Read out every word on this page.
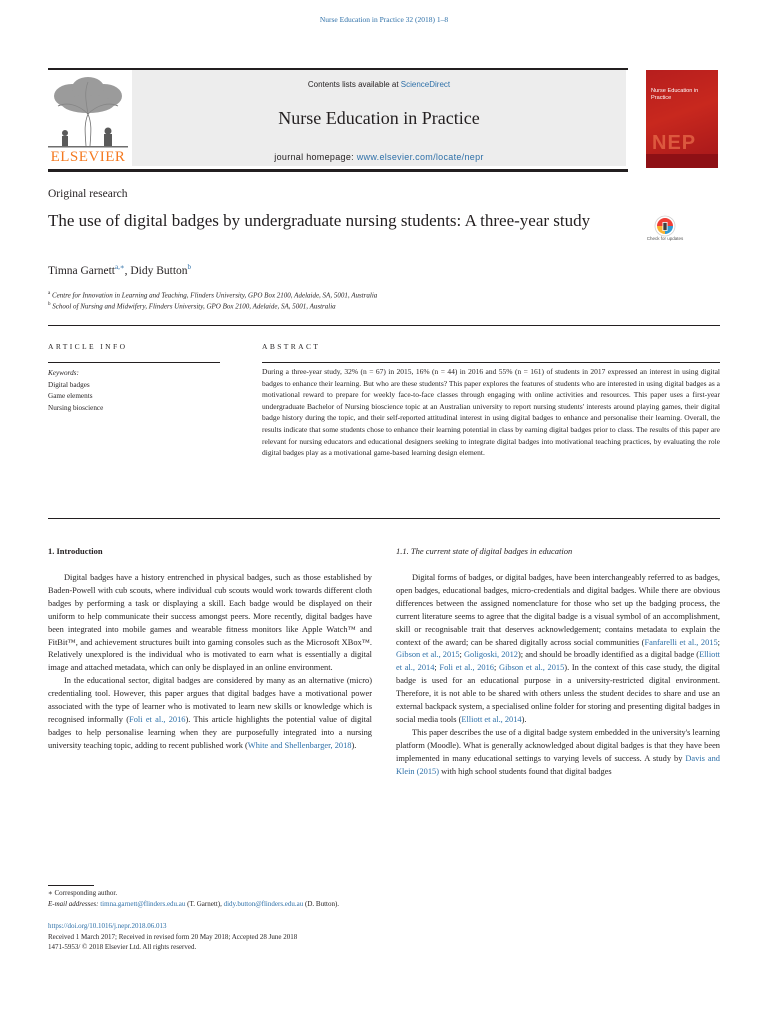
Nurse Education in Practice 32 (2018) 1–8
ELSEVIER
Contents lists available at ScienceDirect
Nurse Education in Practice
journal homepage: www.elsevier.com/locate/nepr
Nurse Education in Practice
NEP
Original research
The use of digital badges by undergraduate nursing students: A three-year study
Check for updates
Timna Garnett$^{a,∗}$, Didy Button$^b$
$^a$ Centre for Innovation in Learning and Teaching, Flinders University, GPO Box 2100, Adelaide, SA, 5001, Australia
$^b$ School of Nursing and Midwifery, Flinders University, GPO Box 2100, Adelaide, SA, 5001, Australia
ARTICLE INFO	ABSTRACT
Keywords:
Digital badges
Game elements
Nursing bioscience
During a three-year study, 32% (n = 67) in 2015, 16% (n = 44) in 2016 and 55% (n = 161) of students in 2017 expressed an interest in using digital badges to enhance their learning. But who are these students? This paper explores the features of students who are interested in using digital badges as a motivational reward to prepare for weekly face-to-face classes through engaging with online activities and resources. This paper uses a first-year undergraduate Bachelor of Nursing bioscience topic at an Australian university to report nursing students' interests around playing games, their digital badge history during the topic, and their self-reported attitudinal interest in using digital badges to enhance and personalise their learning. Overall, the results indicate that some students chose to enhance their learning potential in class by earning digital badges prior to class. The results of this paper are relevant for nursing educators and educational designers seeking to integrate digital badges into motivational teaching practices, by evaluating the role digital badges play as a motivational game-based learning design element.
1. Introduction

Digital badges have a history entrenched in physical badges, such as those established by Baden-Powell with cub scouts, where individual cub scouts would work towards different cloth badges by performing a task or displaying a skill. Each badge would be displayed on their uniform to help communicate their success amongst peers. More recently, digital badges have been integrated into mobile games and wearable fitness monitors like Apple Watch™ and FitBit™, and achievement structures built into gaming consoles such as the Microsoft XBox™. Relatively unexplored is the individual who is motivated to earn what is essentially a digital image and attached metadata, which can only be displayed in an online environment.

In the educational sector, digital badges are considered by many as an alternative (micro) credentialing tool. However, this paper argues that digital badges have a motivational power associated with the type of learner who is motivated to learn new skills or knowledge which is recognised informally (Foli et al., 2016). This article highlights the potential value of digital badges to help personalise learning when they are purposefully integrated into a nursing university teaching topic, adding to recent published work (White and Shellenbarger, 2018).

1.1. The current state of digital badges in education

Digital forms of badges, or digital badges, have been interchangeably referred to as badges, open badges, educational badges, micro-credentials and digital badges. While there are obvious differences between the assigned nomenclature for those who set up the badging process, the current literature seems to agree that the digital badge is a visual symbol of an accomplishment, skill or recognisable trait that deserves acknowledgement; contains metadata to explain the context of the award; can be shared digitally across social communities (Fanfarelli et al., 2015; Gibson et al., 2015; Goligoski, 2012); and should be broadly identified as a digital badge (Elliott et al., 2014; Foli et al., 2016; Gibson et al., 2015). In the context of this case study, the digital badge is used for an educational purpose in a university-restricted digital environment. Therefore, it is not able to be shared with others unless the student decides to share and use an external backpack system, a specialised online folder for storing and presenting digital badges in social media tools (Elliott et al., 2014).

This paper describes the use of a digital badge system embedded in the university's learning platform (Moodle). What is generally acknowledged about digital badges is that they have been implemented in many educational settings to varying levels of success. A study by Davis and Klein (2015) with high school students found that digital badges

∗ Corresponding author.
E-mail addresses: timna.garnett@flinders.edu.au (T. Garnett), didy.button@flinders.edu.au (D. Button).
https://doi.org/10.1016/j.nepr.2018.06.013
Received 1 March 2017; Received in revised form 20 May 2018; Accepted 28 June 2018
1471-5953/ © 2018 Elsevier Ltd. All rights reserved.
